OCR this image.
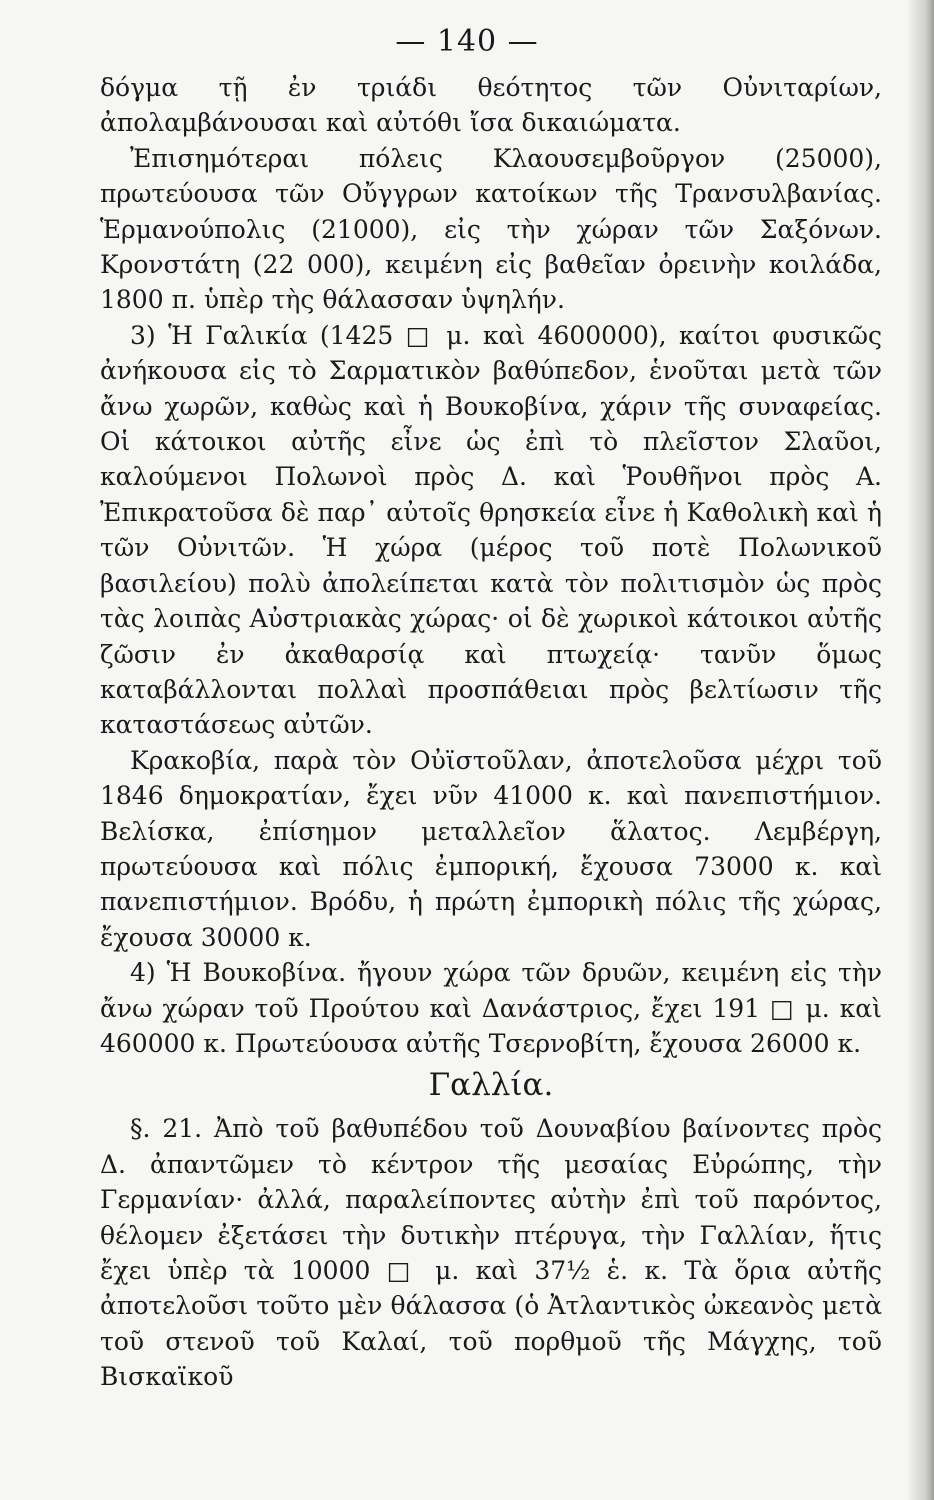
— 140 —

δόγμα τῇ ἐν τριάδι θεότητος τῶν Οὐνιταρίων, ἀπολαμβάνουσαι καὶ αὐτόθι ἴσα δικαιώματα.

Ἐπισημότεραι πόλεις Κλαουσεμβοῦργον (25000), πρωτεύουσα τῶν Οὔγγρων κατοίκων τῆς Τρανσυλβανίας. Ἑρμανούπολις (21000), εἰς τὴν χώραν τῶν Σαξόνων. Κρονστάτη (22 000), κειμένη εἰς βαθεῖαν ὀρεινὴν κοιλάδα, 1800 π. ὑπὲρ τὴς θάλασσαν ὑψηλήν.

3) Ἡ Γαλικία (1425 □ μ. καὶ 4600000), καίτοι φυσικῶς ἀνήκουσα εἰς τὸ Σαρματικὸν βαθύπεδον, ἑνοῦται μετὰ τῶν ἄνω χωρῶν, καθὼς καὶ ἡ Βουκοβίνα, χάριν τῆς συναφείας. Οἱ κάτοικοι αὐτῆς εἶνε ὡς ἐπὶ τὸ πλεῖστον Σλαῦοι, καλούμενοι Πολωνοὶ πρὸς Δ. καὶ Ῥουθῆνοι πρὸς Α. Ἐπικρατοῦσα δὲ παρ᾽ αὐτοῖς θρησκεία εἶνε ἡ Καθολικὴ καὶ ἡ τῶν Οὐνιτῶν. Ἡ χώρα (μέρος τοῦ ποτὲ Πολωνικοῦ βασιλείου) πολὺ ἀπολείπεται κατὰ τὸν πολιτισμὸν ὡς πρὸς τὰς λοιπὰς Αὐστριακὰς χώρας· οἱ δὲ χωρικοὶ κάτοικοι αὐτῆς ζῶσιν ἐν ἀκαθαρσίᾳ καὶ πτωχείᾳ· τανῦν ὅμως καταβάλλονται πολλαὶ προσπάθειαι πρὸς βελτίωσιν τῆς καταστάσεως αὐτῶν.

Κρακοβία, παρὰ τὸν Οὐϊστοῦλαν, ἀποτελοῦσα μέχρι τοῦ 1846 δημοκρατίαν, ἔχει νῦν 41000 κ. καὶ πανεπιστήμιον. Βελίσκα, ἐπίσημον μεταλλεῖον ἅλατος. Λεμβέργη, πρωτεύουσα καὶ πόλις ἐμπορική, ἔχουσα 73000 κ. καὶ πανεπιστήμιον. Βρόδυ, ἡ πρώτη ἐμπορικὴ πόλις τῆς χώρας, ἔχουσα 30000 κ.

4) Ἡ Βουκοβίνα. ἤγουν χώρα τῶν δρυῶν, κειμένη εἰς τὴν ἄνω χώραν τοῦ Προύτου καὶ Δανάστριος, ἔχει 191 □ μ. καὶ 460000 κ. Πρωτεύουσα αὐτῆς Τσερνοβίτη, ἔχουσα 26000 κ.

Γαλλία.

§. 21. Ἀπὸ τοῦ βαθυπέδου τοῦ Δουναβίου βαίνοντες πρὸς Δ. ἀπαντῶμεν τὸ κέντρον τῆς μεσαίας Εὐρώπης, τὴν Γερμανίαν· ἀλλά, παραλείποντες αὐτὴν ἐπὶ τοῦ παρόντος, θέλομεν ἐξετάσει τὴν δυτικὴν πτέρυγα, τὴν Γαλλίαν, ἥτις ἔχει ὑπὲρ τὰ 10000 □ μ. καὶ 37½ ἑ. κ. Τὰ ὅρια αὐτῆς ἀποτελοῦσι τοῦτο μὲν θάλασσα (ὁ Ἀτλαντικὸς ὠκεανὸς μετὰ τοῦ στενοῦ τοῦ Καλαί, τοῦ πορθμοῦ τῆς Μάγχης, τοῦ Βισκαϊκοῦ
